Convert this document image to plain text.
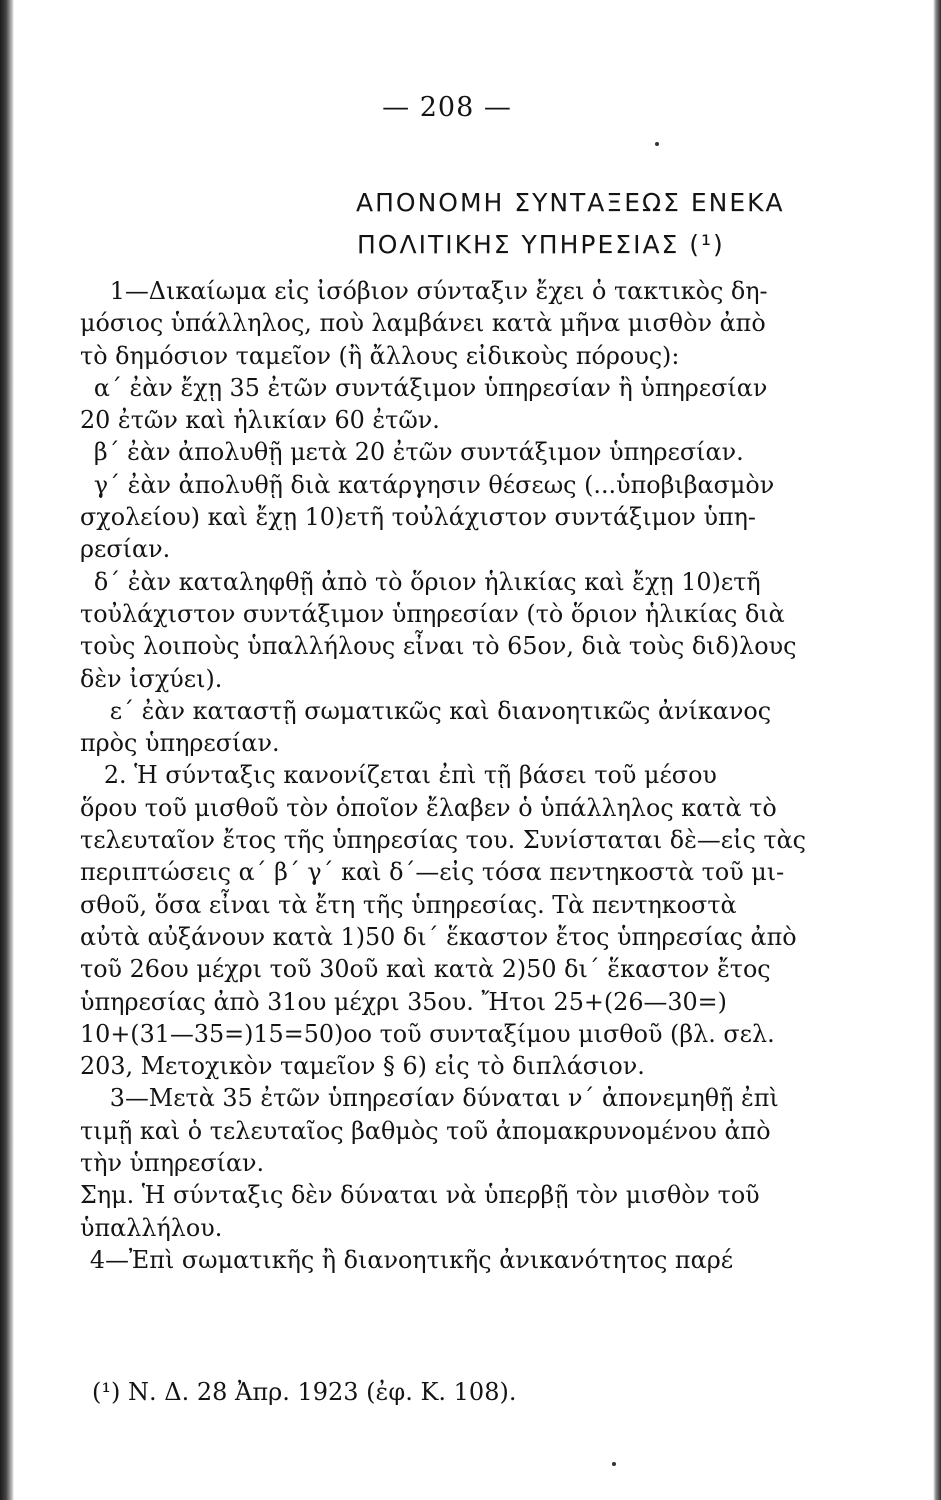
— 208 —
ΑΠΟΝΟΜΗ ΣΥΝΤΑΞΕΩΣ ΕΝΕΚΑ
ΠΟΛΙΤΙΚΗΣ ΥΠΗΡΕΣΙΑΣ (¹)
1—Δικαίωμα εἰς ἰσόβιον σύνταξιν ἔχει ὁ τακτικὸς δη-
μόσιος ὑπάλληλος, ποὺ λαμβάνει κατὰ μῆνα μισθὸν ἀπὸ
τὸ δημόσιον ταμεῖον (ἢ ἄλλους εἰδικοὺς πόρους):
α΄ ἐὰν ἔχῃ 35 ἐτῶν συντάξιμον ὑπηρεσίαν ἢ ὑπηρεσίαν
20 ἐτῶν καὶ ἡλικίαν 60 ἐτῶν.
β΄ ἐὰν ἀπολυθῇ μετὰ 20 ἐτῶν συντάξιμον ὑπηρεσίαν.
γ΄ ἐὰν ἀπολυθῇ διὰ κατάργησιν θέσεως (...ὑποβιβασμὸν
σχολείου) καὶ ἔχῃ 10)ετῆ τοὐλάχιστον συντάξιμον ὑπη-
ρεσίαν.
δ΄ ἐὰν καταληφθῇ ἀπὸ τὸ ὅριον ἡλικίας καὶ ἔχῃ 10)ετῆ
τοὐλάχιστον συντάξιμον ὑπηρεσίαν (τὸ ὅριον ἡλικίας διὰ
τοὺς λοιποὺς ὑπαλλήλους εἶναι τὸ 65ον, διὰ τοὺς διδ)λους
δὲν ἰσχύει).
ε΄ ἐὰν καταστῇ σωματικῶς καὶ διανοητικῶς ἀνίκανος
πρὸς ὑπηρεσίαν.
2. Ἡ σύνταξις κανονίζεται ἐπὶ τῇ βάσει τοῦ μέσου
ὅρου τοῦ μισθοῦ τὸν ὁποῖον ἔλαβεν ὁ ὑπάλληλος κατὰ τὸ
τελευταῖον ἔτος τῆς ὑπηρεσίας του. Συνίσταται δὲ—εἰς τὰς
περιπτώσεις α΄ β΄ γ΄ καὶ δ΄—εἰς τόσα πεντηκοστὰ τοῦ μι-
σθοῦ, ὅσα εἶναι τὰ ἔτη τῆς ὑπηρεσίας. Τὰ πεντηκοστὰ
αὐτὰ αὐξάνουν κατὰ 1)50 δι΄ ἕκαστον ἔτος ὑπηρεσίας ἀπὸ
τοῦ 26ου μέχρι τοῦ 30οῦ καὶ κατὰ 2)50 δι΄ ἕκαστον ἔτος
ὑπηρεσίας ἀπὸ 31ου μέχρι 35ου. Ἤτοι 25+(26—30=)
10+(31—35=)15=50)οο τοῦ συνταξίμου μισθοῦ (βλ. σελ.
203, Μετοχικὸν ταμεῖον § 6) εἰς τὸ διπλάσιον.
3—Μετὰ 35 ἐτῶν ὑπηρεσίαν δύναται ν΄ ἀπονεμηθῇ ἐπὶ
τιμῇ καὶ ὁ τελευταῖος βαθμὸς τοῦ ἀπομακρυνομένου ἀπὸ
τὴν ὑπηρεσίαν.
Σημ. Ἡ σύνταξις δὲν δύναται νὰ ὑπερβῇ τὸν μισθὸν τοῦ
ὑπαλλήλου.
4—Ἐπὶ σωματικῆς ἢ διανοητικῆς ἀνικανότητος παρέ
(¹) Ν. Δ. 28 Ἀπρ. 1923 (ἐφ. Κ. 108).
